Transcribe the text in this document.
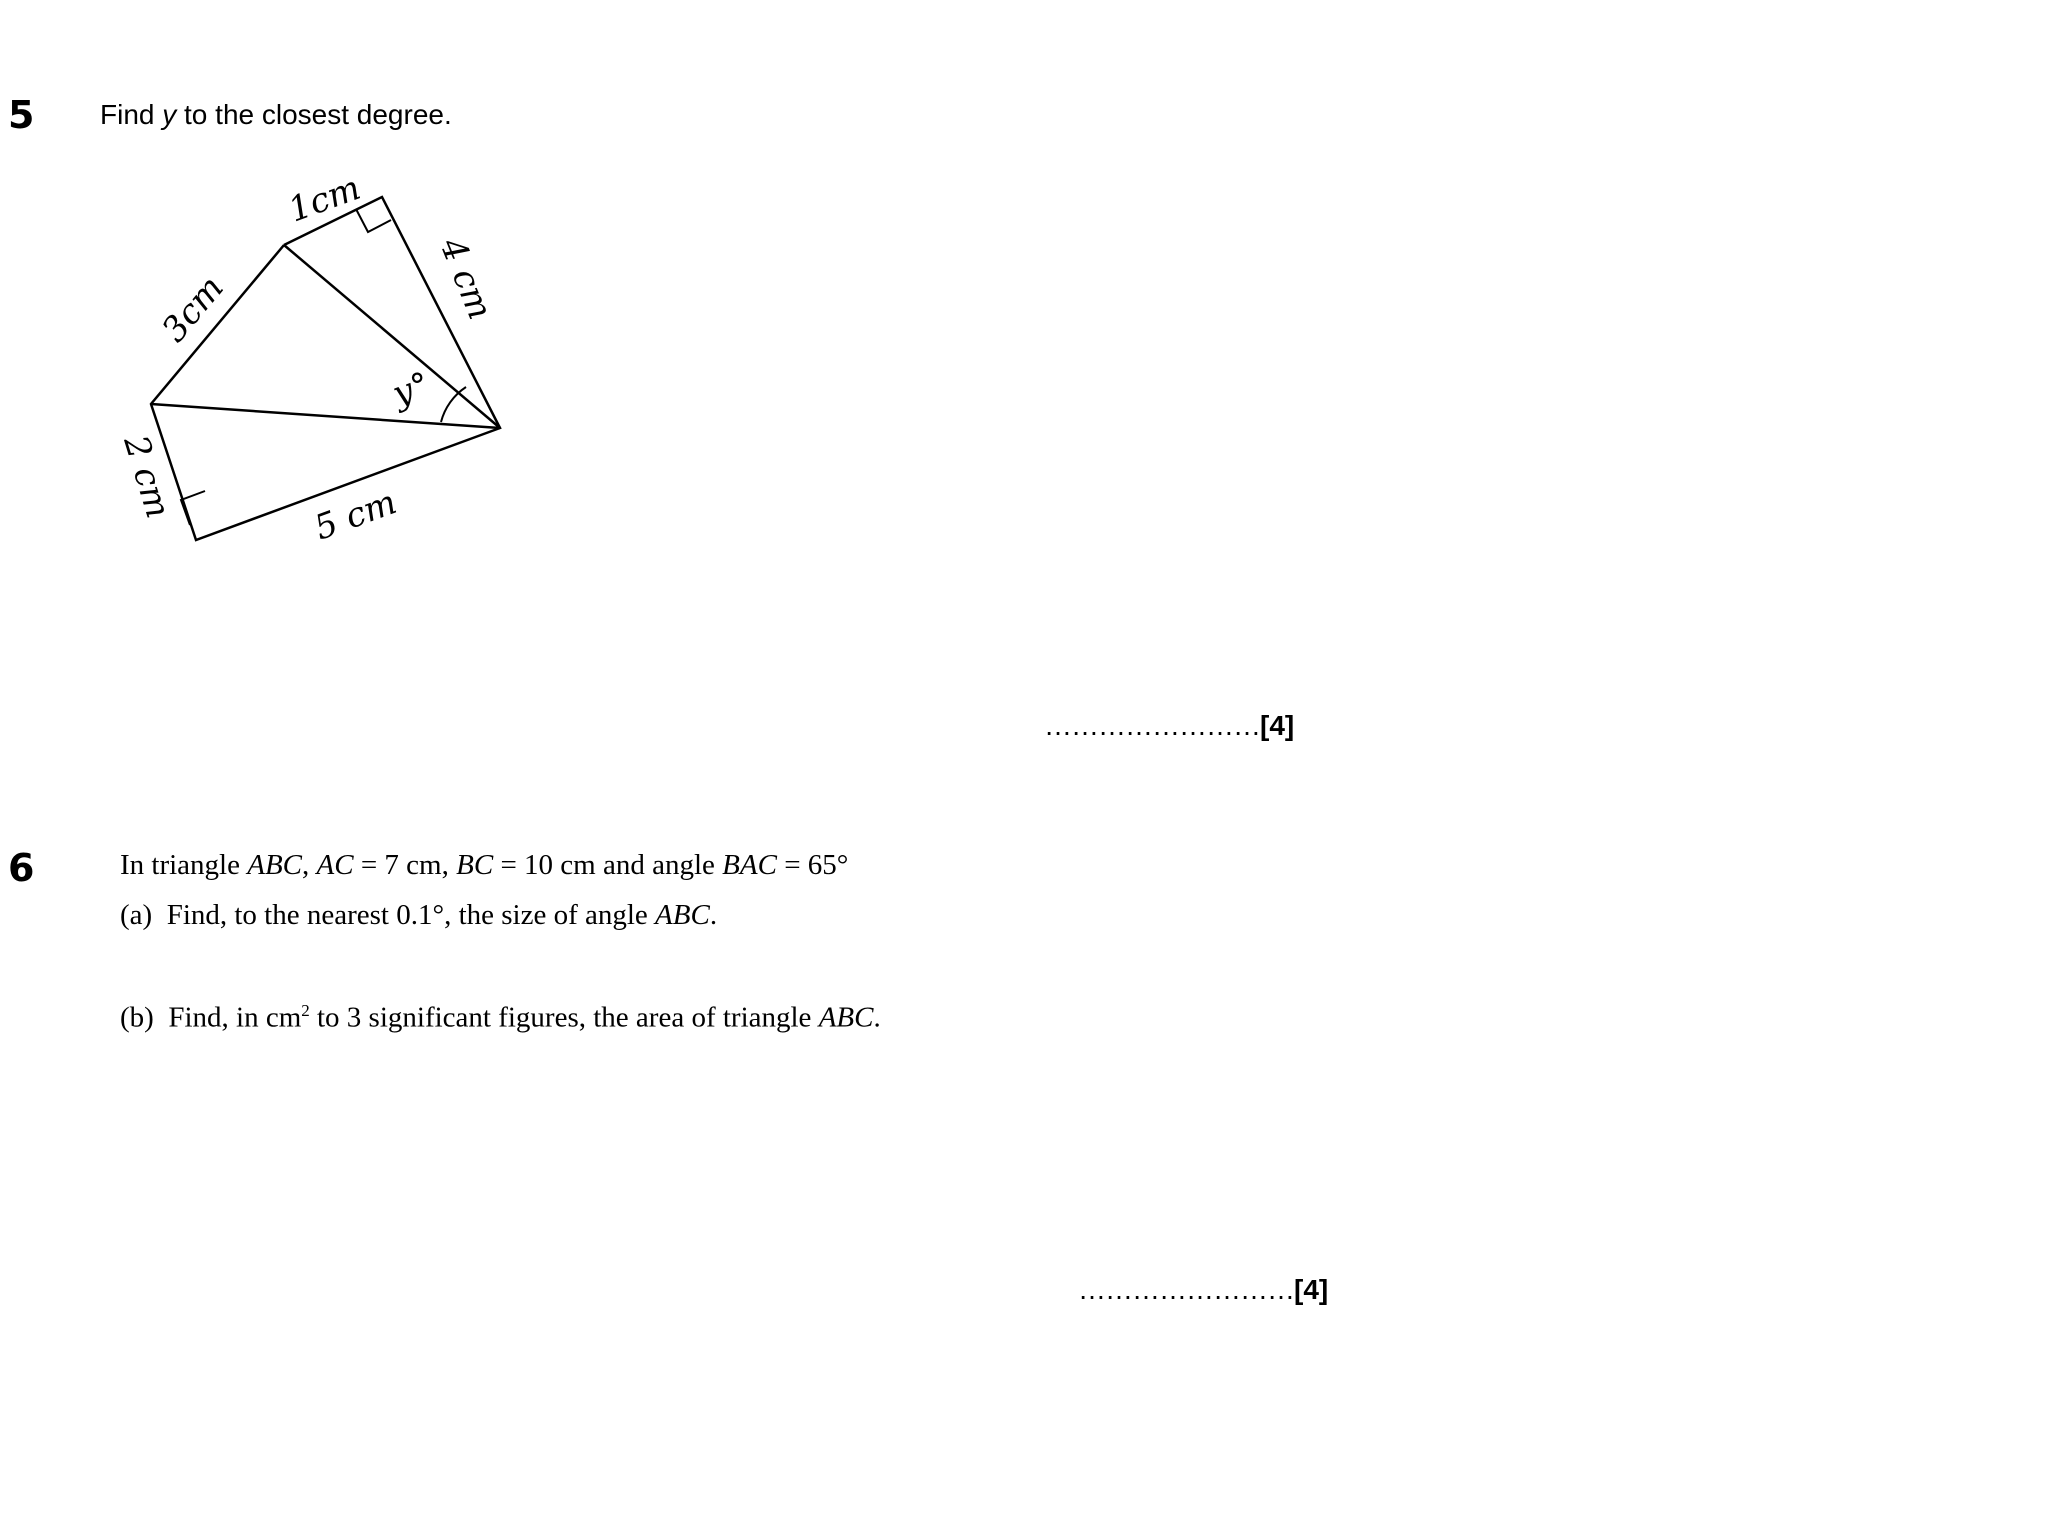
5 Find y to the closest degree.
1cm
4 cm
3cm
2 cm	5 cm
y°
……………………[4]
6	In triangle ABC, AC = 7 cm, BC = 10 cm and angle BAC = 65°
(a) Find, to the nearest 0.1°, the size of angle ABC.
(b) Find, in $cm^2$ to 3 significant figures, the area of triangle ABC.
……………………[4]
